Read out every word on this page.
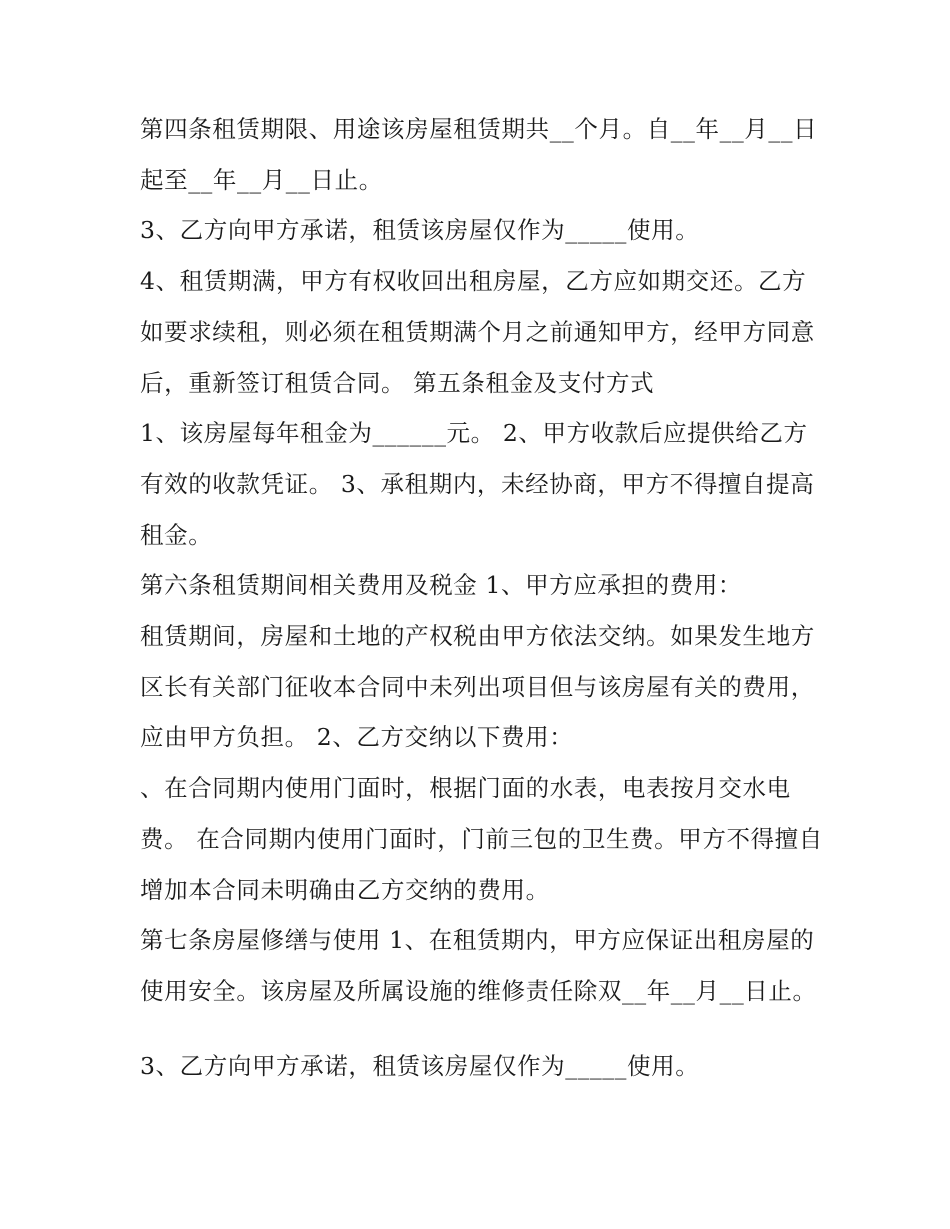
第四条租赁期限、用途该房屋租赁期共__个月。自__年__月__日起至__年__月__日止。

3、乙方向甲方承诺，租赁该房屋仅作为_____使用。

4、租赁期满，甲方有权收回出租房屋，乙方应如期交还。乙方如要求续租，则必须在租赁期满个月之前通知甲方，经甲方同意后，重新签订租赁合同。 第五条租金及支付方式

1、该房屋每年租金为______元。 2、甲方收款后应提供给乙方有效的收款凭证。 3、承租期内，未经协商，甲方不得擅自提高租金。

第六条租赁期间相关费用及税金 1、甲方应承担的费用：

租赁期间，房屋和土地的产权税由甲方依法交纳。如果发生地方区长有关部门征收本合同中未列出项目但与该房屋有关的费用，应由甲方负担。 2、乙方交纳以下费用：

、在合同期内使用门面时，根据门面的水表，电表按月交水电费。 在合同期内使用门面时，门前三包的卫生费。甲方不得擅自增加本合同未明确由乙方交纳的费用。

第七条房屋修缮与使用 1、在租赁期内，甲方应保证出租房屋的使用安全。该房屋及所属设施的维修责任除双__年__月__日止。

3、乙方向甲方承诺，租赁该房屋仅作为_____使用。
